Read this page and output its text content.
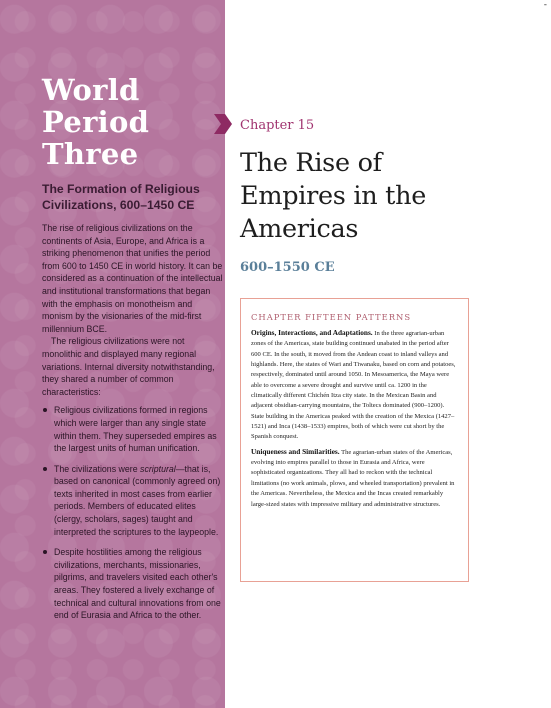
World
Period
Three
The Formation of Religious Civilizations, 600–1450 CE

The rise of religious civilizations on the continents of Asia, Europe, and Africa is a striking phenomenon that unifies the period from 600 to 1450 CE in world history. It can be considered as a continuation of the intellectual and institutional transformations that began with the emphasis on monotheism and monism by the visionaries of the mid-first millennium BCE.

The religious civilizations were not monolithic and displayed many regional variations. Internal diversity notwithstanding, they shared a number of common characteristics:

Religious civilizations formed in regions which were larger than any single state within them. They superseded empires as the largest units of human unification.
The civilizations were scriptural—that is, based on canonical (commonly agreed on) texts inherited in most cases from earlier periods. Members of educated elites (clergy, scholars, sages) taught and interpreted the scriptures to the laypeople.
Despite hostilities among the religious civilizations, merchants, missionaries, pilgrims, and travelers visited each other's areas. They fostered a lively exchange of technical and cultural innovations from one end of Eurasia and Africa to the other.
Chapter 15
The Rise of
Empires in the
Americas
600–1550 CE
CHAPTER FIFTEEN PATTERNS

Origins, Interactions, and Adaptations. In the three agrarian-urban zones of the Americas, state building continued unabated in the period after 600 CE. In the south, it moved from the Andean coast to inland valleys and highlands. Here, the states of Wari and Tiwanaku, based on corn and potatoes, respectively, dominated until around 1050. In Mesoamerica, the Maya were able to overcome a severe drought and survive until ca. 1200 in the climatically different Chichén Itza city state. In the Mexican Basin and adjacent obsidian-carrying mountains, the Toltecs dominated (900–1200). State building in the Americas peaked with the creation of the Mexica (1427–1521) and Inca (1438–1533) empires, both of which were cut short by the Spanish conquest.

Uniqueness and Similarities. The agrarian-urban states of the Americas, evolving into empires parallel to those in Eurasia and Africa, were sophisticated organizations. They all had to reckon with the technical limitations (no work animals, plows, and wheeled transportation) prevalent in the Americas. Nevertheless, the Mexica and the Incas created remarkably large-sized states with impressive military and administrative structures.

-
